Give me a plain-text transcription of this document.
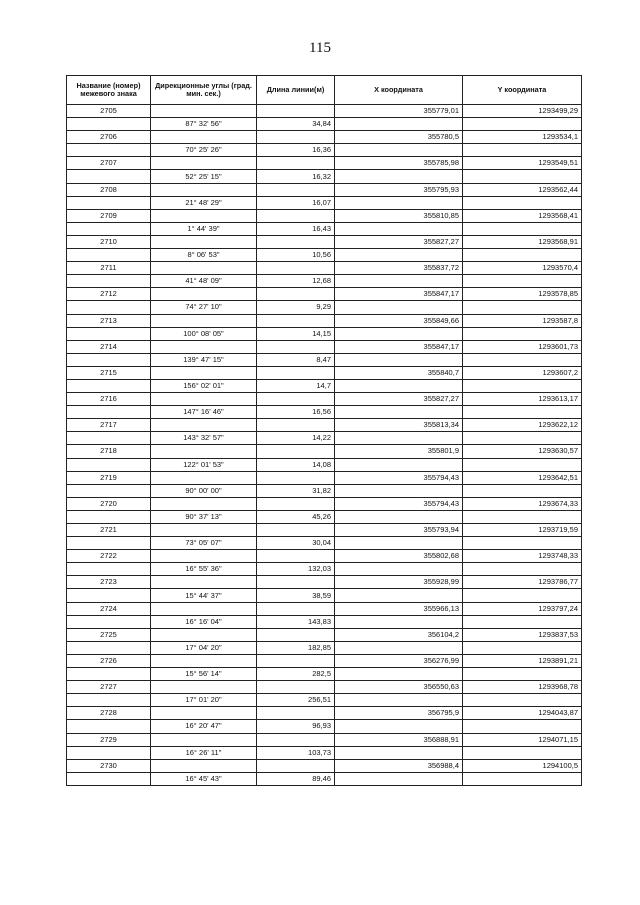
115
Название (номер) межевого знака	Дирекционные углы (град. мин. сек.)	Длина линии(м)	X координата	Y координата
2705			355779,01	1293499,29
	87° 32' 56"	34,84		
2706			355780,5	1293534,1
	70° 25' 26"	16,36		
2707			355785,98	1293549,51
	52° 25' 15"	16,32		
2708			355795,93	1293562,44
	21° 48' 29"	16,07		
2709			355810,85	1293568,41
	1° 44' 39"	16,43		
2710			355827,27	1293568,91
	8° 06' 53"	10,56		
2711			355837,72	1293570,4
	41° 48' 09"	12,68		
2712			355847,17	1293578,85
	74° 27' 10"	9,29		
2713			355849,66	1293587,8
	100° 08' 05"	14,15		
2714			355847,17	1293601,73
	139° 47' 15"	8,47		
2715			355840,7	1293607,2
	156° 02' 01"	14,7		
2716			355827,27	1293613,17
	147° 16' 46"	16,56		
2717			355813,34	1293622,12
	143° 32' 57"	14,22		
2718			355801,9	1293630,57
	122° 01' 53"	14,08		
2719			355794,43	1293642,51
	90° 00' 00"	31,82		
2720			355794,43	1293674,33
	90° 37' 13"	45,26		
2721			355793,94	1293719,59
	73° 05' 07"	30,04		
2722			355802,68	1293748,33
	16° 55' 36"	132,03		
2723			355928,99	1293786,77
	15° 44' 37"	38,59		
2724			355966,13	1293797,24
	16° 16' 04"	143,83		
2725			356104,2	1293837,53
	17° 04' 20"	182,85		
2726			356276,99	1293891,21
	15° 56' 14"	282,5		
2727			356550,63	1293968,78
	17° 01' 20"	256,51		
2728			356795,9	1294043,87
	16° 20' 47"	96,93		
2729			356888,91	1294071,15
	16° 26' 11"	103,73		
2730			356988,4	1294100,5
	16° 45' 43"	89,46		
